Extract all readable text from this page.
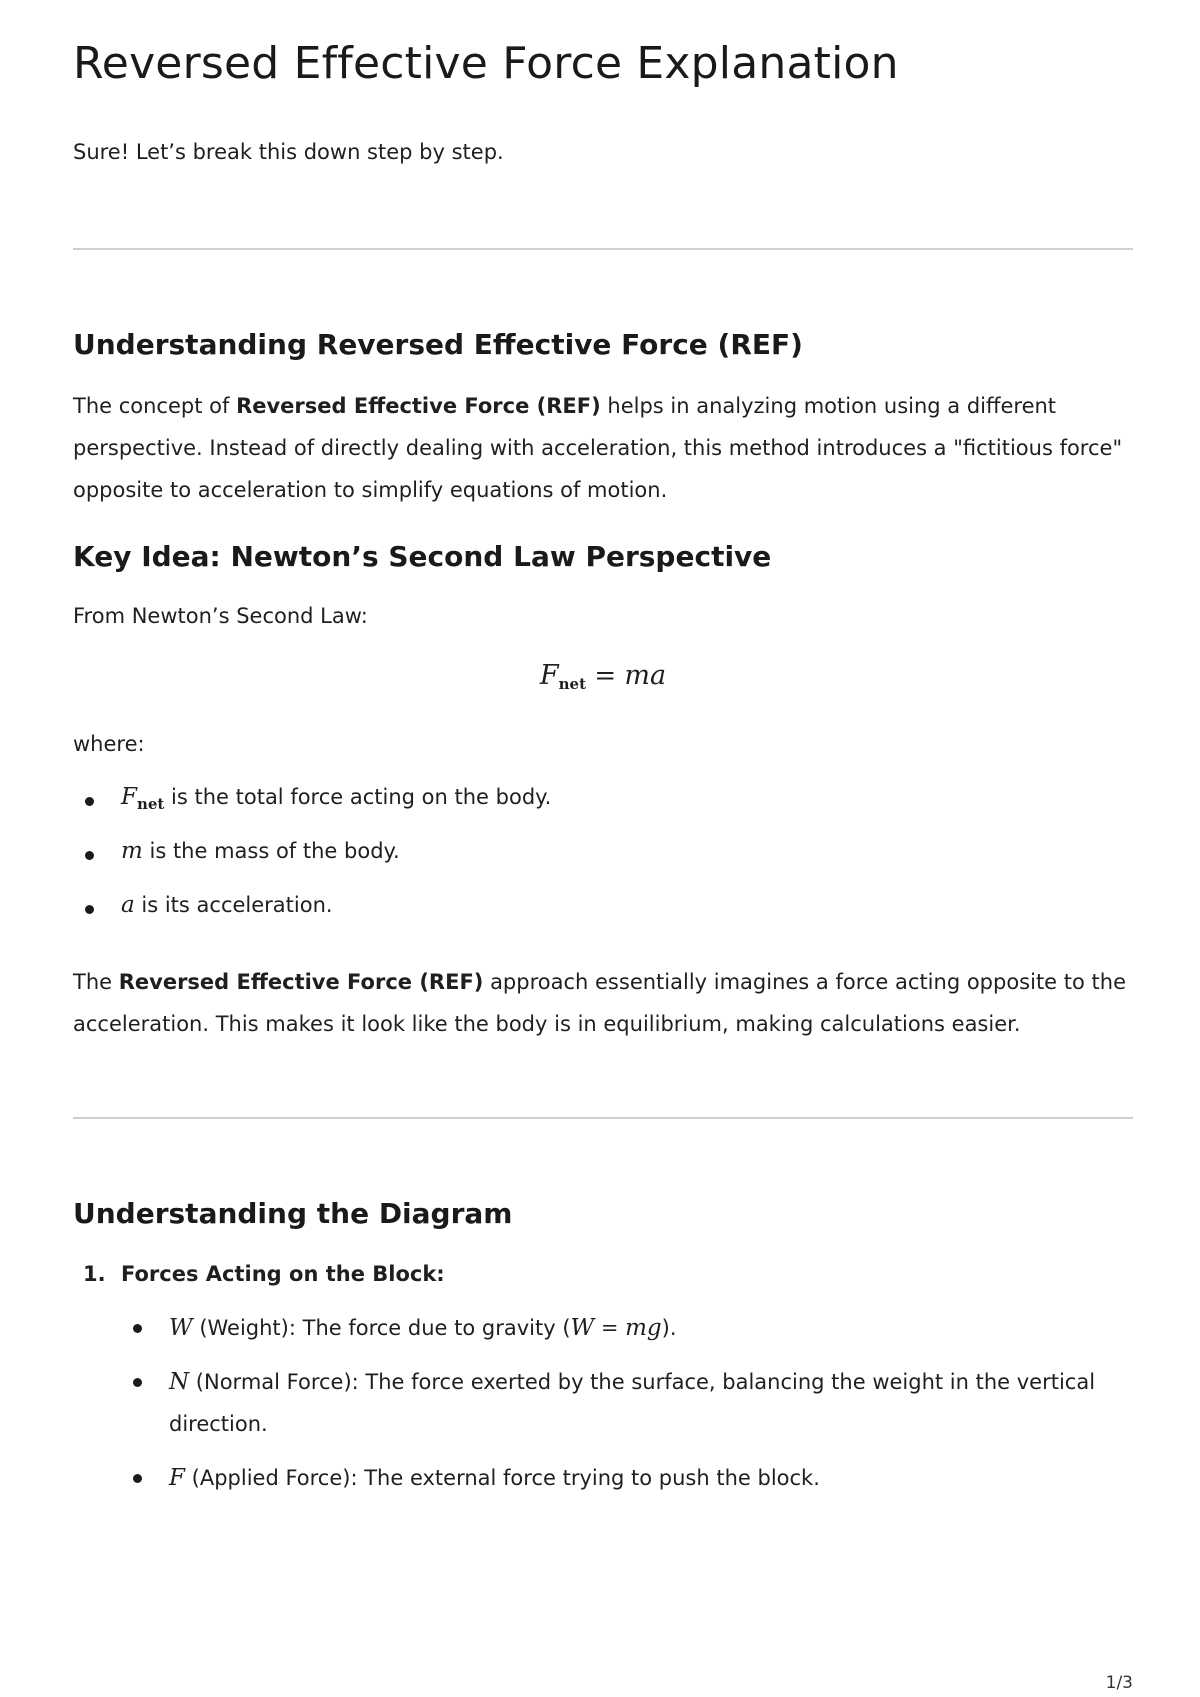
Reversed Effective Force Explanation

Sure! Let’s break this down step by step.

Understanding Reversed Effective Force (REF)

The concept of Reversed Effective Force (REF) helps in analyzing motion using a different perspective. Instead of directly dealing with acceleration, this method introduces a "fictitious force" opposite to acceleration to simplify equations of motion.

Key Idea: Newton’s Second Law Perspective

From Newton’s Second Law:

$F_{net}$ = ma

where:

$F_{net}$ is the total force acting on the body.
m is the mass of the body.
a is its acceleration.

The Reversed Effective Force (REF) approach essentially imagines a force acting opposite to the acceleration. This makes it look like the body is in equilibrium, making calculations easier.

Understanding the Diagram
1. Forces Acting on the Block:
W (Weight): The force due to gravity (W = mg).
N (Normal Force): The force exerted by the surface, balancing the weight in the vertical direction.
F (Applied Force): The external force trying to push the block.
1/3
